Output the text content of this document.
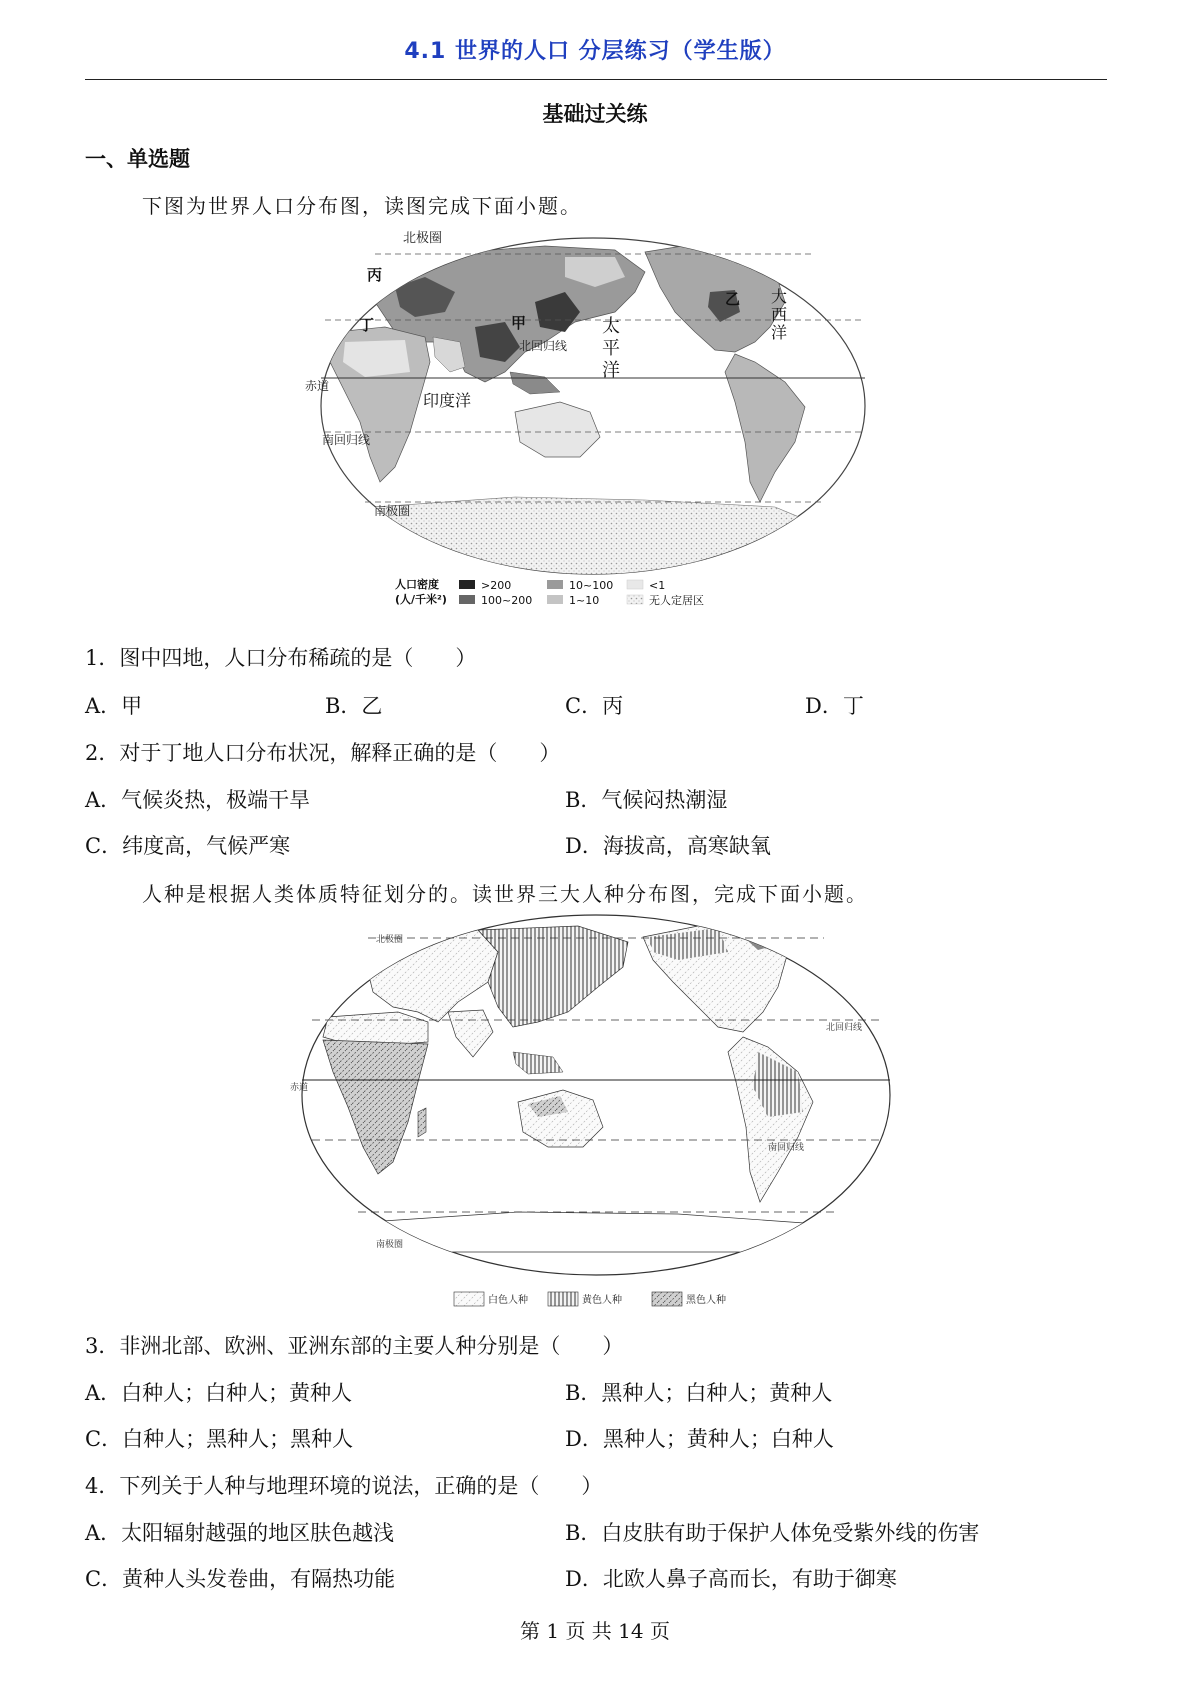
4.1 世界的人口 分层练习（学生版）
基础过关练
一、单选题
下图为世界人口分布图，读图完成下面小题。
北极圈
丙
丁	甲
乙 大西洋
太平洋
北回归线
赤道
印度洋
南回归线
南极圈
人口密度
(人/千米²)
>200
100~200
10~100
1~10
<1
无人定居区
1．图中四地，人口分布稀疏的是（　　）
A．甲	B．乙	C．丙	D．丁
2．对于丁地人口分布状况，解释正确的是（　　）
A．气候炎热，极端干旱	B．气候闷热潮湿
C．纬度高，气候严寒	D．海拔高，高寒缺氧
人种是根据人类体质特征划分的。读世界三大人种分布图，完成下面小题。
北极圈
北回归线
赤道
南回归线
南极圈
白色人种	黄色人种	黑色人种
3．非洲北部、欧洲、亚洲东部的主要人种分别是（　　）
A．白种人；白种人；黄种人	B．黑种人；白种人；黄种人
C．白种人；黑种人；黑种人	D．黑种人；黄种人；白种人
4．下列关于人种与地理环境的说法，正确的是（　　）
A．太阳辐射越强的地区肤色越浅	B．白皮肤有助于保护人体免受紫外线的伤害
C．黄种人头发卷曲，有隔热功能	D．北欧人鼻子高而长，有助于御寒
第 1 页 共 14 页
